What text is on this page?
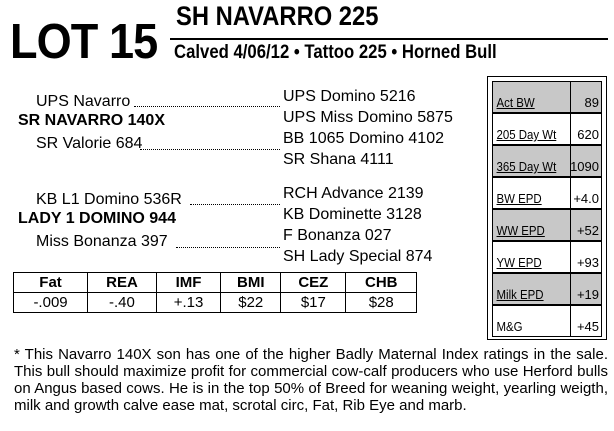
LOT 15 SH NAVARRO 225
Calved 4/06/12 • Tattoo 225 • Horned Bull
UPS Navarro
SR NAVARRO 140X
SR Valorie 684
UPS Domino 5216
UPS Miss Domino 5875
BB 1065 Domino 4102
SR Shana 4111
KB L1 Domino 536R
LADY 1 DOMINO 944
Miss Bonanza 397
RCH Advance 2139
KB Dominette 3128
F Bonanza 027
SH Lady Special 874
Act BW	89
205 Day Wt	620
365 Day Wt	1090
BW EPD	+4.0
WW EPD	+52
YW EPD	+93
Milk EPD	+19
M&G	+45
Fat	REA	IMF	BMI	CEZ	CHB
-.009	-.40	+.13	$22	$17	$28

* This Navarro 140X son has one of the higher Badly Maternal Index ratings in the sale. This bull should maximize profit for commercial cow-calf producers who use Herford bulls on Angus based cows. He is in the top 50% of Breed for weaning weight, yearling weigth, milk and growth calve ease mat, scrotal circ, Fat, Rib Eye and marb.
